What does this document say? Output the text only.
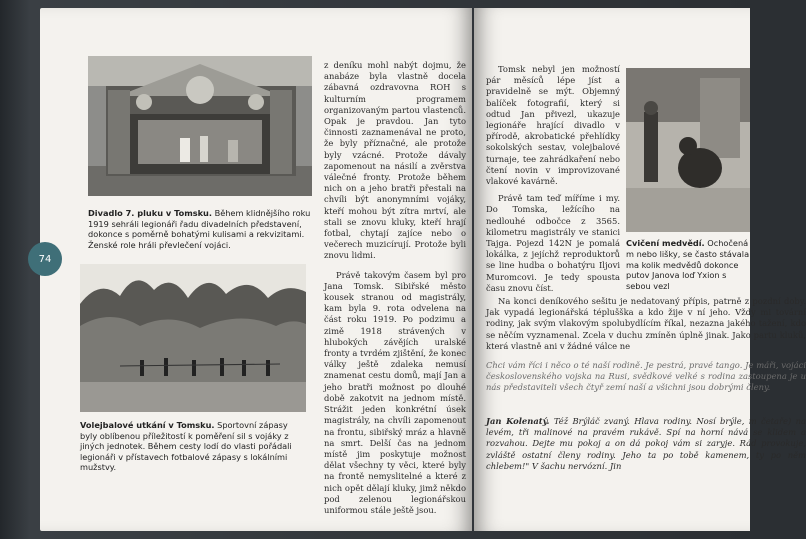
Divadlo 7. pluku v Tomsku. Během klidnějšího roku 1919 sehráli legionáři řadu divadelních představení, dokonce s poměrně bohatými kulisami a rekvizitami. Ženské role hráli převlečení vojáci.
Volejbalové utkání v Tomsku. Sportovní zápasy byly oblíbenou příležitostí k poměření sil s vojáky z jiných jednotek. Během cesty lodí do vlasti pořádali legionáři v přístavech fotbalové zápasy s lokálními mužstvy.

z deníku mohl nabýt dojmu, že anabáze byla vlastně docela zábavná ozdravovna ROH s kulturním programem organizovaným partou vlastenců. Opak je pravdou. Jan tyto činnosti zaznamenával ne proto, že byly příznačné, ale protože byly vzácné. Protože dávaly zapomenout na násilí a zvěrstva válečné fronty. Protože během nich on a jeho bratři přestali na chvíli být anonymními vojáky, kteří mohou být zítra mrtví, ale stali se znovu kluky, kteří hrají fotbal, chytají zajíce nebo o večerech muzicírují. Protože byli znovu lidmi.

Právě takovým časem byl pro Jana Tomsk. Sibiřské město kousek stranou od magistrály, kam byla 9. rota odvelena na část roku 1919. Po podzimu a zimě 1918 strávených v hlubokých závějích uralské fronty a tvrdém zjištění, že konec války ještě zdaleka nemusí znamenat cestu domů, mají Jan a jeho bratři možnost po dlouhé době zakotvit na jednom místě. Strážit jeden konkrétní úsek magistrály, na chvíli zapomenout na frontu, sibiřský mráz a hlavně na smrt. Delší čas na jednom místě jim poskytuje možnost dělat všechny ty věci, které byly na frontě nemyslitelné a které z nich opět dělají kluky, jimž někdo pod zelenou legionářskou uniformou stále ještě jsou.

74

Tomsk nebyl jen možností pár měsíců lépe jíst a pravidelně se mýt. Objemný balíček fotografií, který si odtud Jan přivezl, ukazuje legionáře hrající divadlo v přírodě, akrobatické přehlídky sokolských sestav, volejbalové turnaje, tee zahrádkaření nebo čtení novin v improvizované vlakové kavárně.

Právě tam teď míříme i my. Do Tomska, ležícího na nedlouhé odbočce z 3565. kilometru magistrály ve stanici Tajga. Pojezd 142N je pomalá lokálka, z jejíchž reproduktorů se line hudba o bohatýru Iljovi Muromcovi. Je tedy spousta času znovu číst.

Cvičení medvědí. Ochočená m nebo lišky, se často stávala ma kolik medvědů dokonce putov Janova loď Yxion s sebou vezl

Na konci deníkového sešitu je nedatovaný přípis, patrně z pozdní doby. Jak vypadá legionářská téplušška a kdo žije v ní jeho. Vždy mi tovární rodiny, jak svým vlakovým spolubydlícím říkal, nezazna jakého tažení, kdo se něčím vyznamenal. Zcela v duchu zmíněn úplně jinak. Jako partu kluků, která vlastně ani v žádné válce ne

Chci vám říci i něco o té naší rodině. Je pestrá, pravé tango. Je máři, vojáci československého vojska na Rusi, svědkové velké s rodina zastoupena je u nás představiteli všech čtyř zemí naší a všichni jsou dobrými členy.

Jan Kolenatý. Též Brýláč zvaný. Hlava rodiny. Nosí brýle, m četaře) na levém, tři malinové na pravém rukávě. Spí na horní nává se klidem a rozvahou. Dejte mu pokoj a on dá pokoj vám si zaryje. Rád provokuje, zvláště ostatní členy rodiny. Jeho ta po tobě kamenem, ty po něm chlebem!" V šachu nervózní. Jin
